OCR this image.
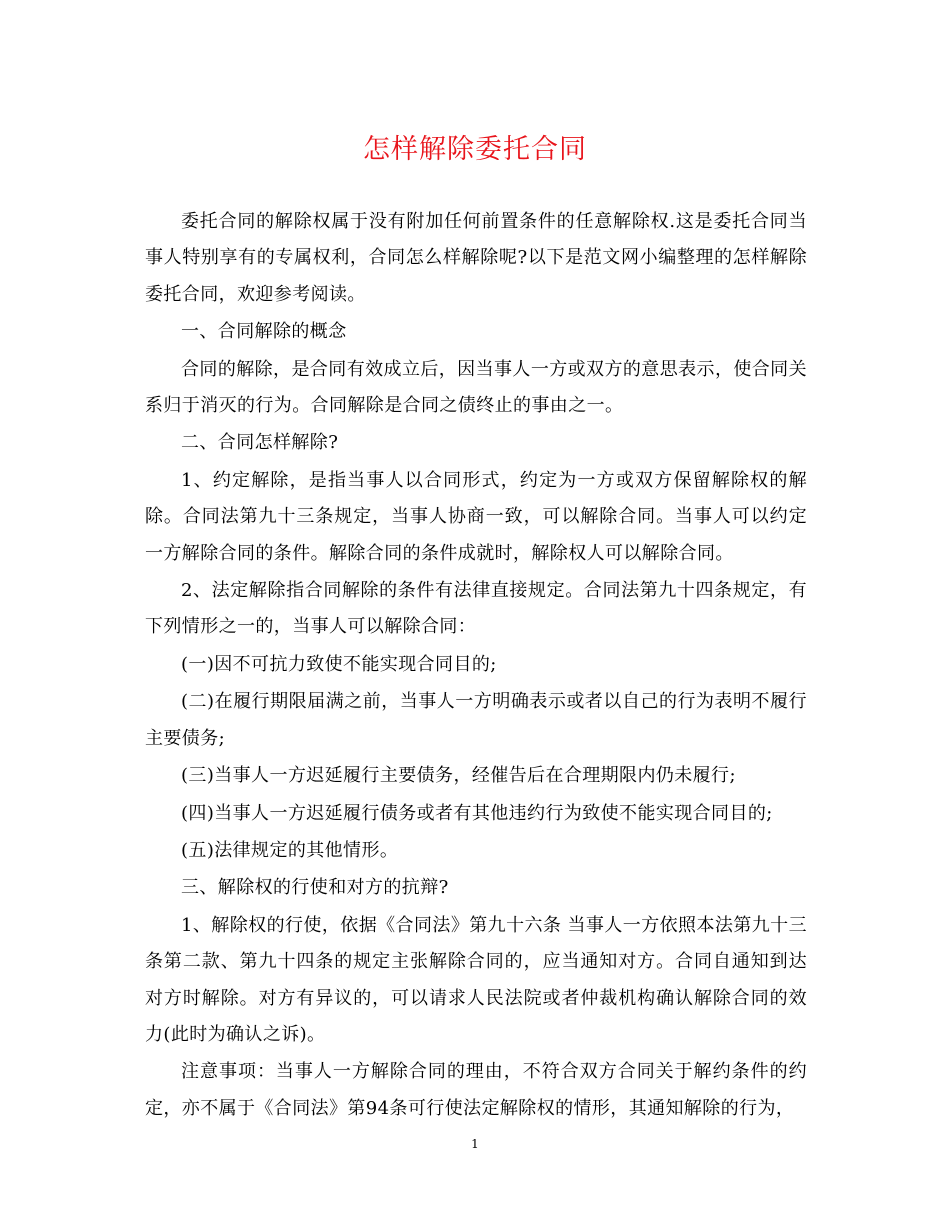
怎样解除委托合同

委托合同的解除权属于没有附加任何前置条件的任意解除权.这是委托合同当事人特别享有的专属权利，合同怎么样解除呢?以下是范文网小编整理的怎样解除委托合同，欢迎参考阅读。

一、合同解除的概念

合同的解除，是合同有效成立后，因当事人一方或双方的意思表示，使合同关系归于消灭的行为。合同解除是合同之债终止的事由之一。

二、合同怎样解除?

1、约定解除，是指当事人以合同形式，约定为一方或双方保留解除权的解除。合同法第九十三条规定，当事人协商一致，可以解除合同。当事人可以约定一方解除合同的条件。解除合同的条件成就时，解除权人可以解除合同。

2、法定解除指合同解除的条件有法律直接规定。合同法第九十四条规定，有下列情形之一的，当事人可以解除合同：

(一)因不可抗力致使不能实现合同目的;

(二)在履行期限届满之前，当事人一方明确表示或者以自己的行为表明不履行主要债务;

(三)当事人一方迟延履行主要债务，经催告后在合理期限内仍未履行;

(四)当事人一方迟延履行债务或者有其他违约行为致使不能实现合同目的;

(五)法律规定的其他情形。

三、解除权的行使和对方的抗辩?

1、解除权的行使，依据《合同法》第九十六条 当事人一方依照本法第九十三条第二款、第九十四条的规定主张解除合同的，应当通知对方。合同自通知到达对方时解除。对方有异议的，可以请求人民法院或者仲裁机构确认解除合同的效力(此时为确认之诉)。

注意事项：当事人一方解除合同的理由，不符合双方合同关于解约条件的约定，亦不属于《合同法》第94条可行使法定解除权的情形，其通知解除的行为，

1
